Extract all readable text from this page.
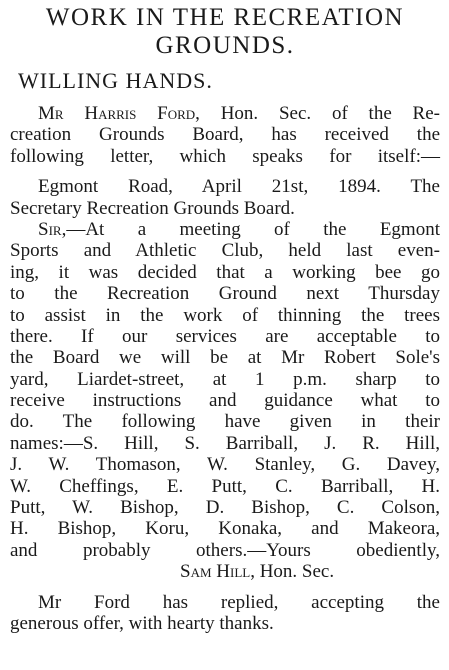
WORK IN THE RECREATION
GROUNDS.
WILLING HANDS.
Mr Harris Ford, Hon. Sec. of the Re-
creation Grounds Board, has received the
following letter, which speaks for itself:—
Egmont Road, April 21st, 1894. The
Secretary Recreation Grounds Board.
Sir,—At a meeting of the Egmont
Sports and Athletic Club, held last even-
ing, it was decided that a working bee go
to the Recreation Ground next Thursday
to assist in the work of thinning the trees
there. If our services are acceptable to
the Board we will be at Mr Robert Sole's
yard, Liardet-street, at 1 p.m. sharp to
receive instructions and guidance what to
do. The following have given in their
names:—S. Hill, S. Barriball, J. R. Hill,
J. W. Thomason, W. Stanley, G. Davey,
W. Cheffings, E. Putt, C. Barriball, H.
Putt, W. Bishop, D. Bishop, C. Colson,
H. Bishop, Koru, Konaka, and Makeora,
and probably others.—Yours obediently,
Sam Hill, Hon. Sec.
Mr Ford has replied, accepting the
generous offer, with hearty thanks.
